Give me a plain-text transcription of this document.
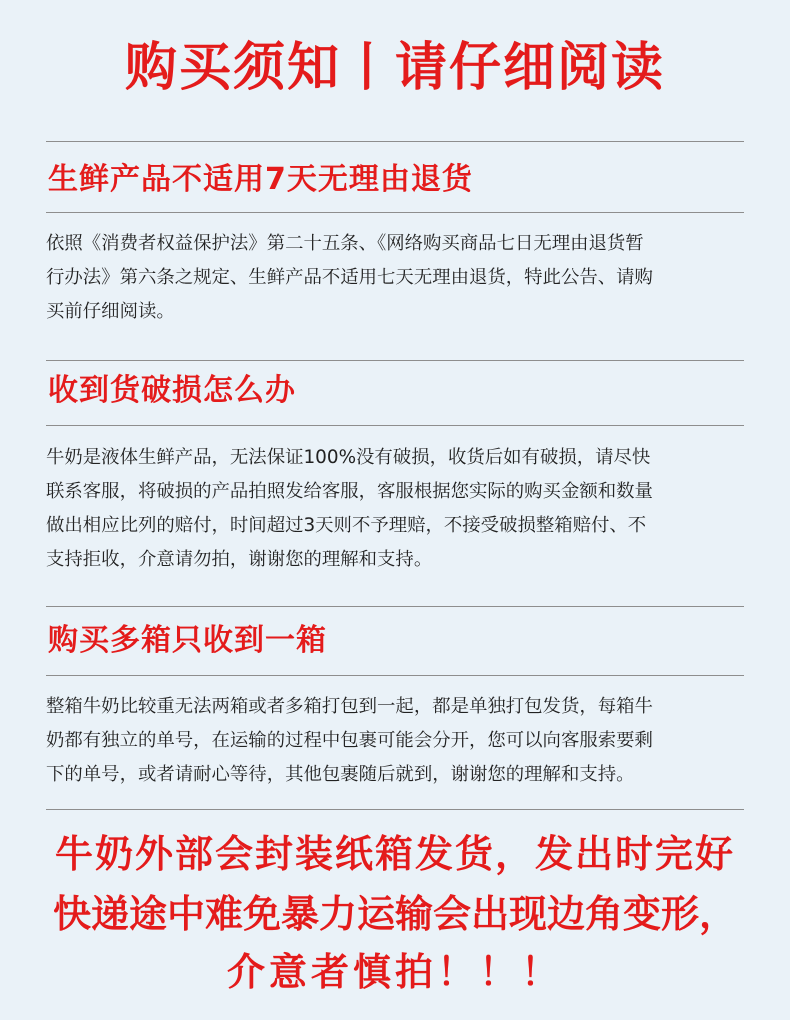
购买须知丨请仔细阅读
生鲜产品不适用7天无理由退货
依照《消费者权益保护法》第二十五条、《网络购买商品七日无理由退货暂
行办法》第六条之规定、生鲜产品不适用七天无理由退货，特此公告、请购
买前仔细阅读。
收到货破损怎么办
牛奶是液体生鲜产品，无法保证100%没有破损，收货后如有破损，请尽快
联系客服，将破损的产品拍照发给客服，客服根据您实际的购买金额和数量
做出相应比列的赔付，时间超过3天则不予理赔，不接受破损整箱赔付、不
支持拒收，介意请勿拍，谢谢您的理解和支持。
购买多箱只收到一箱
整箱牛奶比较重无法两箱或者多箱打包到一起，都是单独打包发货，每箱牛
奶都有独立的单号，在运输的过程中包裹可能会分开，您可以向客服索要剩
下的单号，或者请耐心等待，其他包裹随后就到，谢谢您的理解和支持。
牛奶外部会封装纸箱发货，发出时完好
快递途中难免暴力运输会出现边角变形，
介意者慎拍！！！
